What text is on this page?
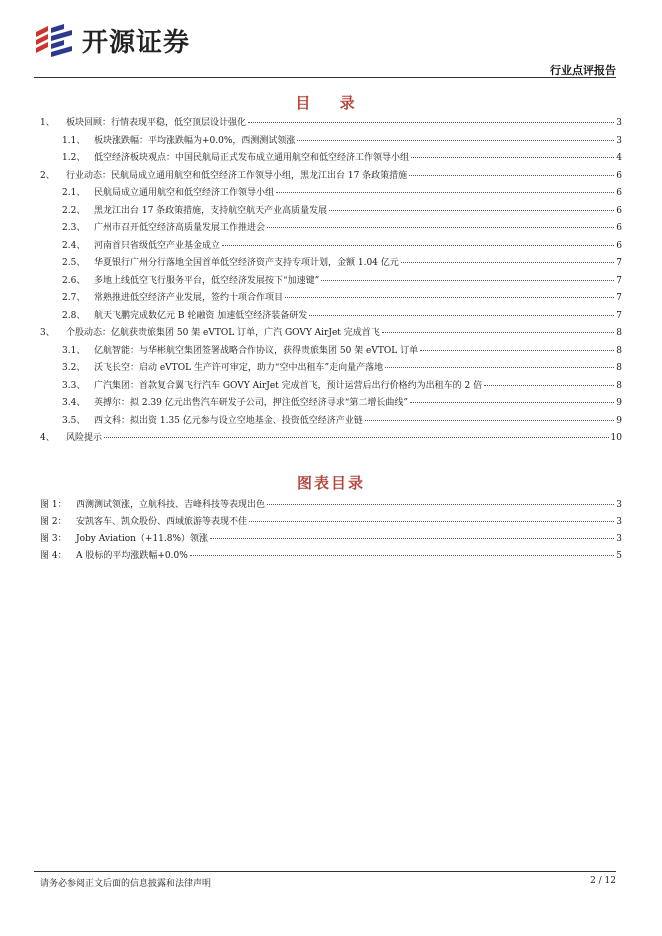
开源证券
行业点评报告
目 录
1、	板块回顾：行情表现平稳，低空顶层设计强化	3
1.1、 板块涨跌幅：平均涨跌幅为+0.0%，西测测试领涨	3
1.2、 低空经济板块观点：中国民航局正式发布成立通用航空和低空经济工作领导小组	4
2、	行业动态：民航局成立通用航空和低空经济工作领导小组，黑龙江出台 17 条政策措施	6
2.1、 民航局成立通用航空和低空经济工作领导小组	6
2.2、 黑龙江出台 17 条政策措施，支持航空航天产业高质量发展	6
2.3、 广州市召开低空经济高质量发展工作推进会	6
2.4、 河南首只省级低空产业基金成立	6
2.5、 华夏银行广州分行落地全国首单低空经济资产支持专项计划，金额 1.04 亿元	7
2.6、 多地上线低空飞行服务平台，低空经济发展按下“加速键”	7
2.7、 常熟推进低空经济产业发展，签约十项合作项目	7
2.8、 航天飞鹏完成数亿元 B 轮融资 加速低空经济装备研发	7
3、	个股动态：亿航获贵旅集团 50 架 eVTOL 订单，广汽 GOVY AirJet 完成首飞	8
3.1、 亿航智能：与华彬航空集团签署战略合作协议，获得贵旅集团 50 架 eVTOL 订单	8
3.2、 沃飞长空：启动 eVTOL 生产许可审定，助力“空中出租车”走向量产落地	8
3.3、 广汽集团：首款复合翼飞行汽车 GOVY AirJet 完成首飞，预计运营后出行价格约为出租车的 2 倍	8
3.4、 英搏尔：拟 2.39 亿元出售汽车研发子公司，押注低空经济寻求“第二增长曲线”	9
3.5、 西文科：拟出资 1.35 亿元参与设立空地基金、投资低空经济产业链	9
4、	风险提示	10
图表目录
图 1：	西测测试领涨，立航科技、吉峰科技等表现出色	3
图 2：	安凯客车、凯众股份、西域旅游等表现不佳	3
图 3：	Joby Aviation（+11.8%）领涨	3
图 4：	A 股标的平均涨跌幅+0.0%	5
请务必参阅正文后面的信息披露和法律声明	2 / 12
